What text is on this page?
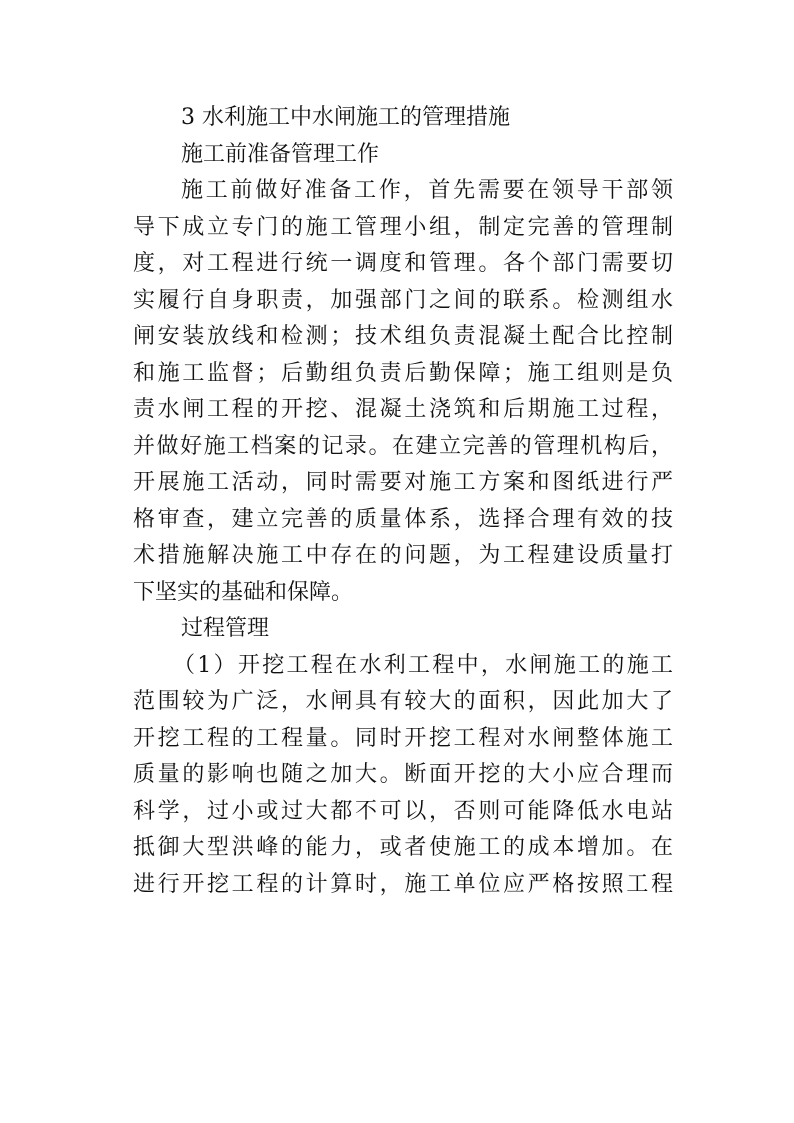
3 水利施工中水闸施工的管理措施
施工前准备管理工作
施工前做好准备工作，首先需要在领导干部领
导下成立专门的施工管理小组，制定完善的管理制
度，对工程进行统一调度和管理。各个部门需要切
实履行自身职责，加强部门之间的联系。检测组水
闸安装放线和检测；技术组负责混凝土配合比控制
和施工监督；后勤组负责后勤保障；施工组则是负
责水闸工程的开挖、混凝土浇筑和后期施工过程，
并做好施工档案的记录。在建立完善的管理机构后，
开展施工活动，同时需要对施工方案和图纸进行严
格审查，建立完善的质量体系，选择合理有效的技
术措施解决施工中存在的问题，为工程建设质量打
下坚实的基础和保障。
过程管理
（1）开挖工程在水利工程中，水闸施工的施工
范围较为广泛，水闸具有较大的面积，因此加大了
开挖工程的工程量。同时开挖工程对水闸整体施工
质量的影响也随之加大。断面开挖的大小应合理而
科学，过小或过大都不可以，否则可能降低水电站
抵御大型洪峰的能力，或者使施工的成本增加。在
进行开挖工程的计算时，施工单位应严格按照工程
